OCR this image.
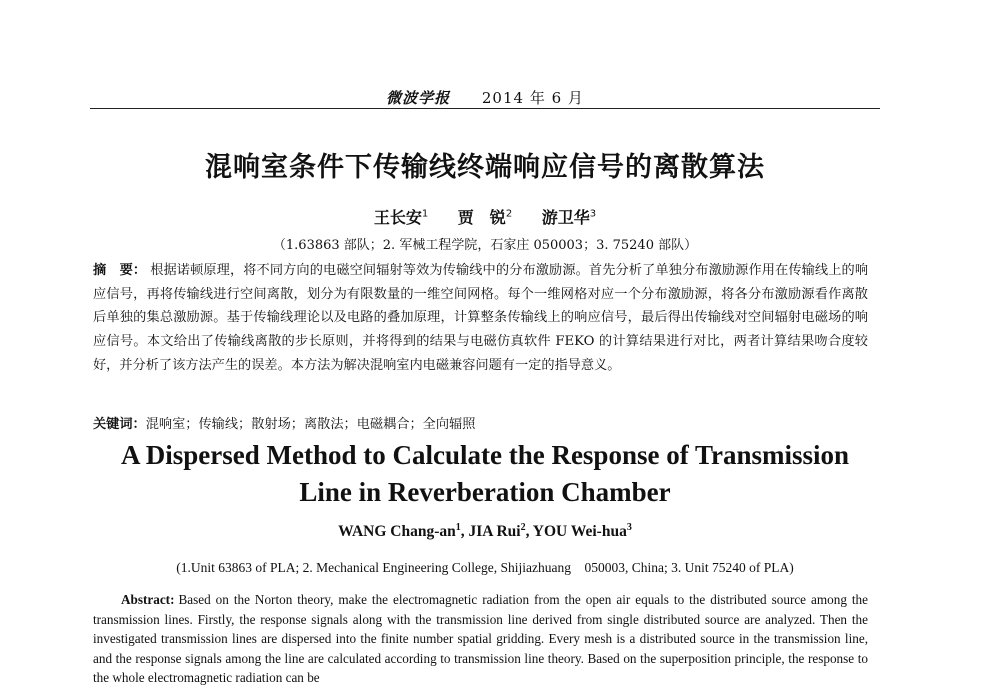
微波学报 2014 年 6 月
混响室条件下传输线终端响应信号的离散算法
王长安$^1$ 贾　锐$^2$ 游卫华$^3$
（1.63863 部队；2. 军械工程学院，石家庄 050003；3. 75240 部队）
摘　要： 根据诺顿原理，将不同方向的电磁空间辐射等效为传输线中的分布激励源。首先分析了单独分布激励源作用在传输线上的响应信号，再将传输线进行空间离散，划分为有限数量的一维空间网格。每个一维网格对应一个分布激励源，将各分布激励源看作离散后单独的集总激励源。基于传输线理论以及电路的叠加原理，计算整条传输线上的响应信号，最后得出传输线对空间辐射电磁场的响应信号。本文给出了传输线离散的步长原则，并将得到的结果与电磁仿真软件 FEKO 的计算结果进行对比，两者计算结果吻合度较好，并分析了该方法产生的误差。本方法为解决混响室内电磁兼容问题有一定的指导意义。
关键词：混响室；传输线；散射场；离散法；电磁耦合；全向辐照
A Dispersed Method to Calculate the Response of Transmission
Line in Reverberation Chamber
WANG Chang-$an^1$, JIA Rui$^2$, YOU Wei-hua$^3$
(1.Unit 63863 of PLA; 2. Mechanical Engineering College, Shijiazhuang　050003, China; 3. Unit 75240 of PLA)
Abstract: Based on the Norton theory, make the electromagnetic radiation from the open air equals to the distributed source among the transmission lines. Firstly, the response signals along with the transmission line derived from single distributed source are analyzed. Then the investigated transmission lines are dispersed into the finite number spatial gridding. Every mesh is a distributed source in the transmission line, and the response signals among the line are calculated according to transmission line theory. Based on the superposition principle, the response to the whole electromagnetic radiation can be
